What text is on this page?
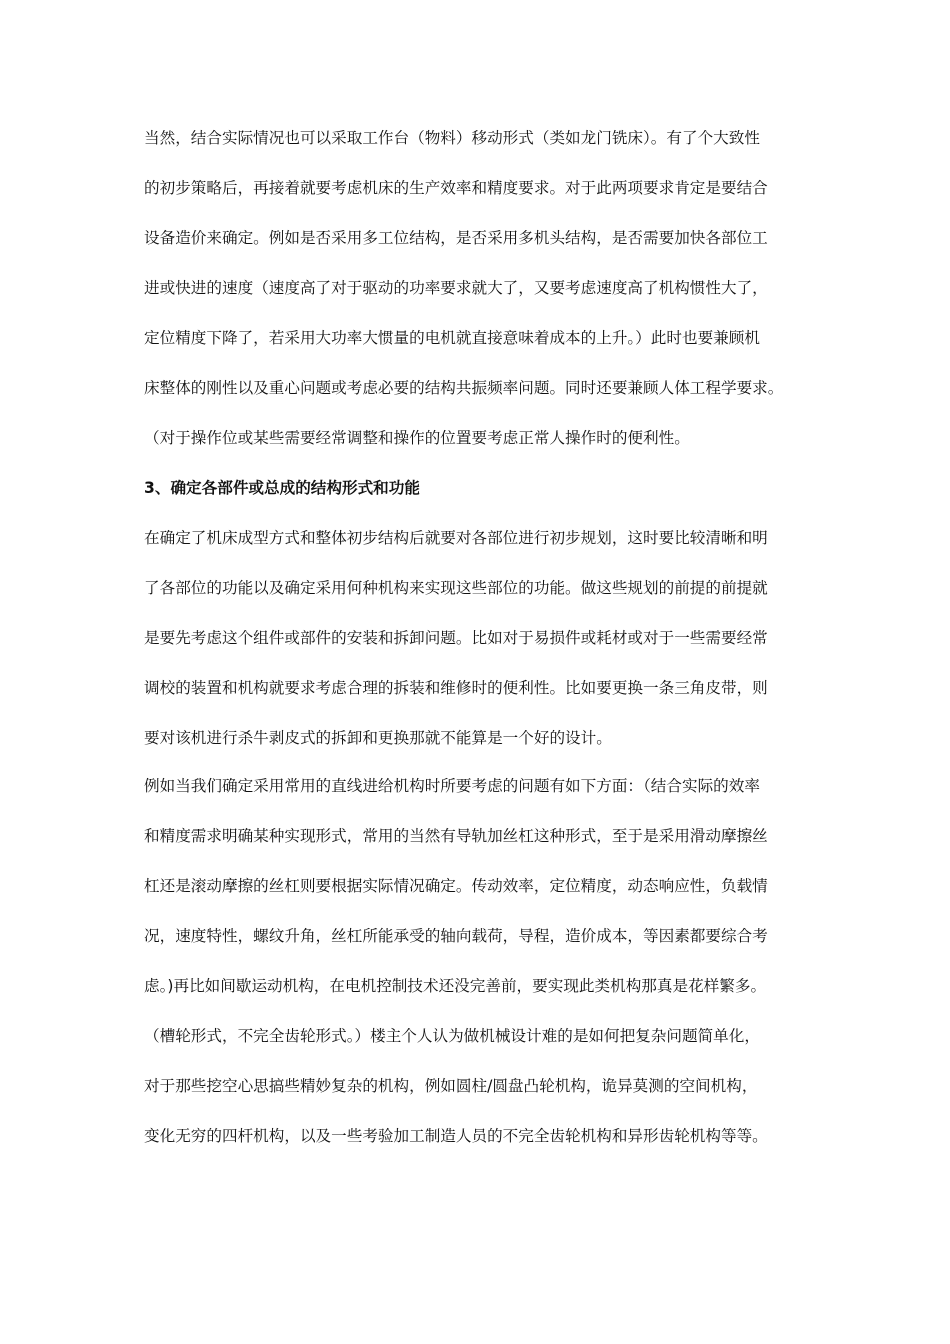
当然，结合实际情况也可以采取工作台（物料）移动形式（类如龙门铣床）。有了个大致性
的初步策略后，再接着就要考虑机床的生产效率和精度要求。对于此两项要求肯定是要结合
设备造价来确定。例如是否采用多工位结构，是否采用多机头结构，是否需要加快各部位工
进或快进的速度（速度高了对于驱动的功率要求就大了，又要考虑速度高了机构惯性大了，
定位精度下降了，若采用大功率大惯量的电机就直接意味着成本的上升。）此时也要兼顾机
床整体的刚性以及重心问题或考虑必要的结构共振频率问题。同时还要兼顾人体工程学要求。
（对于操作位或某些需要经常调整和操作的位置要考虑正常人操作时的便利性。
3、确定各部件或总成的结构形式和功能
在确定了机床成型方式和整体初步结构后就要对各部位进行初步规划，这时要比较清晰和明
了各部位的功能以及确定采用何种机构来实现这些部位的功能。做这些规划的前提的前提就
是要先考虑这个组件或部件的安装和拆卸问题。比如对于易损件或耗材或对于一些需要经常
调校的装置和机构就要求考虑合理的拆装和维修时的便利性。比如要更换一条三角皮带，则
要对该机进行杀牛剥皮式的拆卸和更换那就不能算是一个好的设计。
例如当我们确定采用常用的直线进给机构时所要考虑的问题有如下方面：（结合实际的效率
和精度需求明确某种实现形式，常用的当然有导轨加丝杠这种形式，至于是采用滑动摩擦丝
杠还是滚动摩擦的丝杠则要根据实际情况确定。传动效率，定位精度，动态响应性，负载情
况，速度特性，螺纹升角，丝杠所能承受的轴向载荷，导程，造价成本，等因素都要综合考
虑。)再比如间歇运动机构，在电机控制技术还没完善前，要实现此类机构那真是花样繁多。
（槽轮形式，不完全齿轮形式。）楼主个人认为做机械设计难的是如何把复杂问题简单化，
对于那些挖空心思搞些精妙复杂的机构，例如圆柱/圆盘凸轮机构，诡异莫测的空间机构，
变化无穷的四杆机构，以及一些考验加工制造人员的不完全齿轮机构和异形齿轮机构等等。
